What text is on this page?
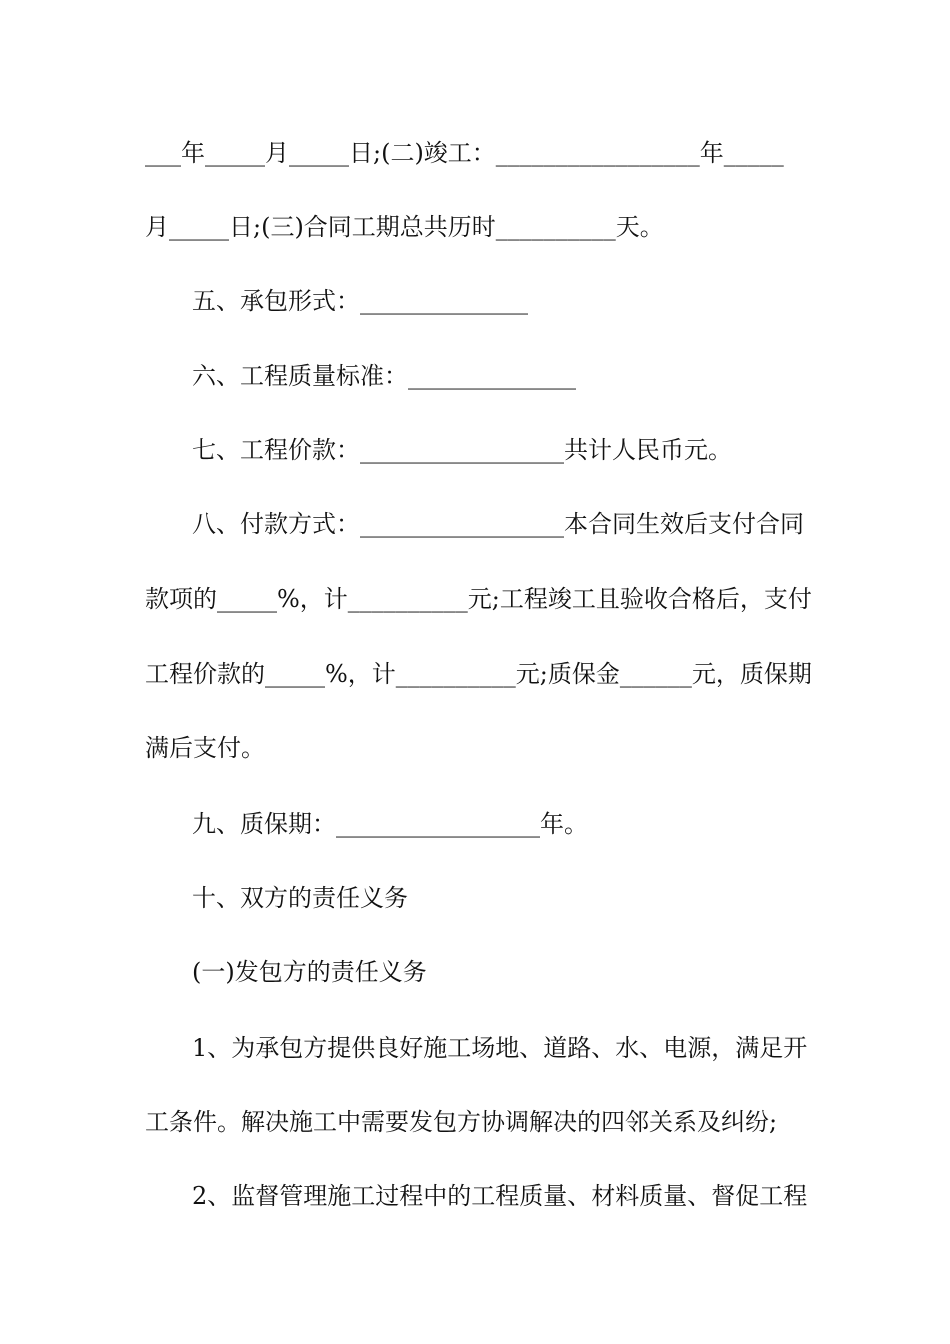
___年_____月_____日;(二)竣工：_________________年_____
月_____日;(三)合同工期总共历时__________天。
五、承包形式：______________
六、工程质量标准：______________
七、工程价款：_________________共计人民币元。
八、付款方式：_________________本合同生效后支付合同
款项的_____%，计__________元;工程竣工且验收合格后，支付
工程价款的_____%，计__________元;质保金______元，质保期
满后支付。
九、质保期：_________________年。
十、双方的责任义务
(一)发包方的责任义务
1、为承包方提供良好施工场地、道路、水、电源，满足开
工条件。解决施工中需要发包方协调解决的四邻关系及纠纷;
2、监督管理施工过程中的工程质量、材料质量、督促工程
